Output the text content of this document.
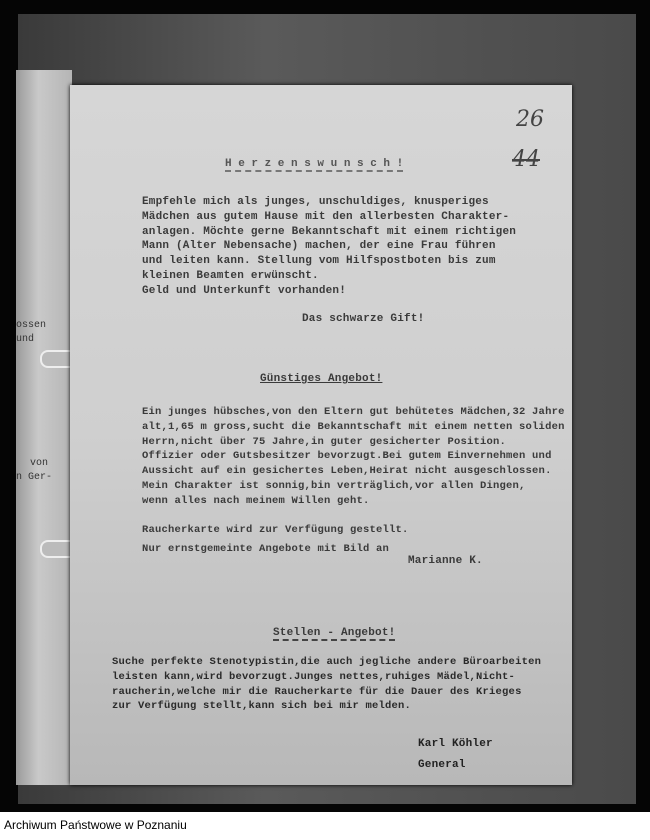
ossen
und
von
n Ger-
26
44
H e r z e n s w u n s c h !
Empfehle mich als junges, unschuldiges, knusperiges
Mädchen aus gutem Hause mit den allerbesten Charakter-
anlagen. Möchte gerne Bekanntschaft mit einem richtigen
Mann (Alter Nebensache) machen, der eine Frau führen
und leiten kann. Stellung vom Hilfspostboten bis zum
kleinen Beamten erwünscht.
Geld und Unterkunft vorhanden!
Das schwarze Gift!
Günstiges Angebot!
Ein junges hübsches,von den Eltern gut behütetes Mädchen,32 Jahre
alt,1,65 m gross,sucht die Bekanntschaft mit einem netten soliden
Herrn,nicht über 75 Jahre,in guter gesicherter Position.
Offizier oder Gutsbesitzer bevorzugt.Bei gutem Einvernehmen und
Aussicht auf ein gesichertes Leben,Heirat nicht ausgeschlossen.
Mein Charakter ist sonnig,bin verträglich,vor allen Dingen,
wenn alles nach meinem Willen geht.
Raucherkarte wird zur Verfügung gestellt.
Nur ernstgemeinte Angebote mit Bild an
Marianne K.
Stellen - Angebot!
Suche perfekte Stenotypistin,die auch jegliche andere Büroarbeiten
leisten kann,wird bevorzugt.Junges nettes,ruhiges Mädel,Nicht-
raucherin,welche mir die Raucherkarte für die Dauer des Krieges
zur Verfügung stellt,kann sich bei mir melden.
Karl Köhler
General
Archiwum Państwowe w Poznaniu
